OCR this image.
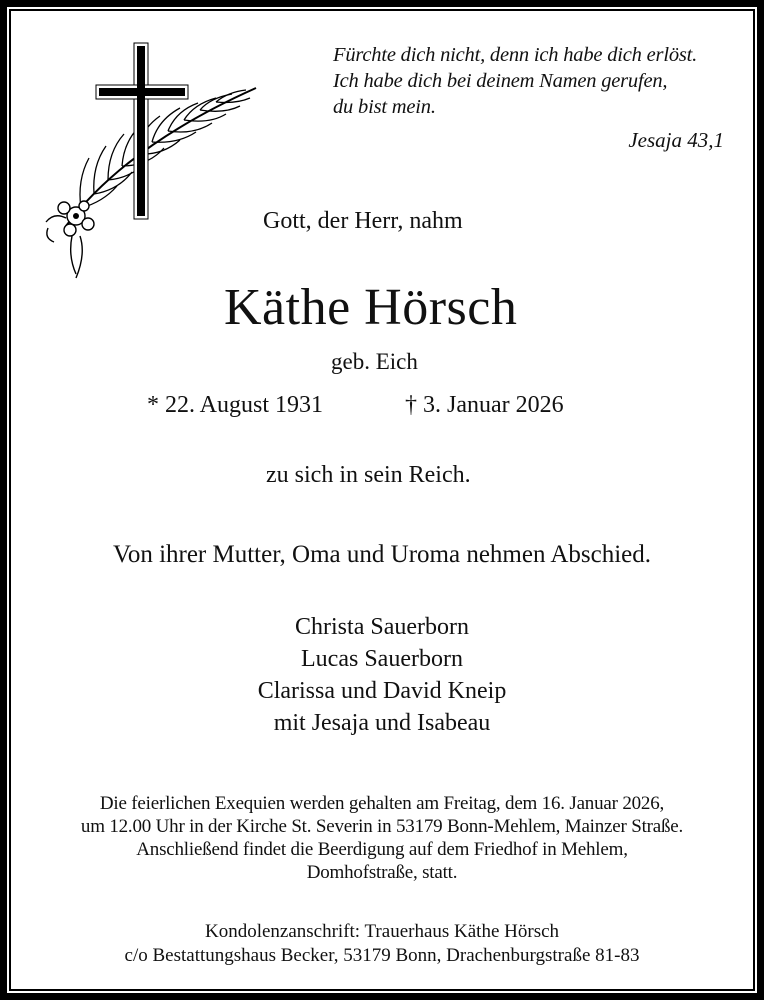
Fürchte dich nicht, denn ich habe dich erlöst.
Ich habe dich bei deinem Namen gerufen,
du bist mein.
Jesaja 43,1
Gott, der Herr, nahm
Käthe Hörsch
geb. Eich
* 22. August 1931	† 3. Januar 2026
zu sich in sein Reich.
Von ihrer Mutter, Oma und Uroma nehmen Abschied.
Christa Sauerborn
Lucas Sauerborn
Clarissa und David Kneip
mit Jesaja und Isabeau
Die feierlichen Exequien werden gehalten am Freitag, dem 16. Januar 2026,
um 12.00 Uhr in der Kirche St. Severin in 53179 Bonn-Mehlem, Mainzer Straße.
Anschließend findet die Beerdigung auf dem Friedhof in Mehlem,
Domhofstraße, statt.
Kondolenzanschrift: Trauerhaus Käthe Hörsch
c/o Bestattungshaus Becker, 53179 Bonn, Drachenburgstraße 81-83
